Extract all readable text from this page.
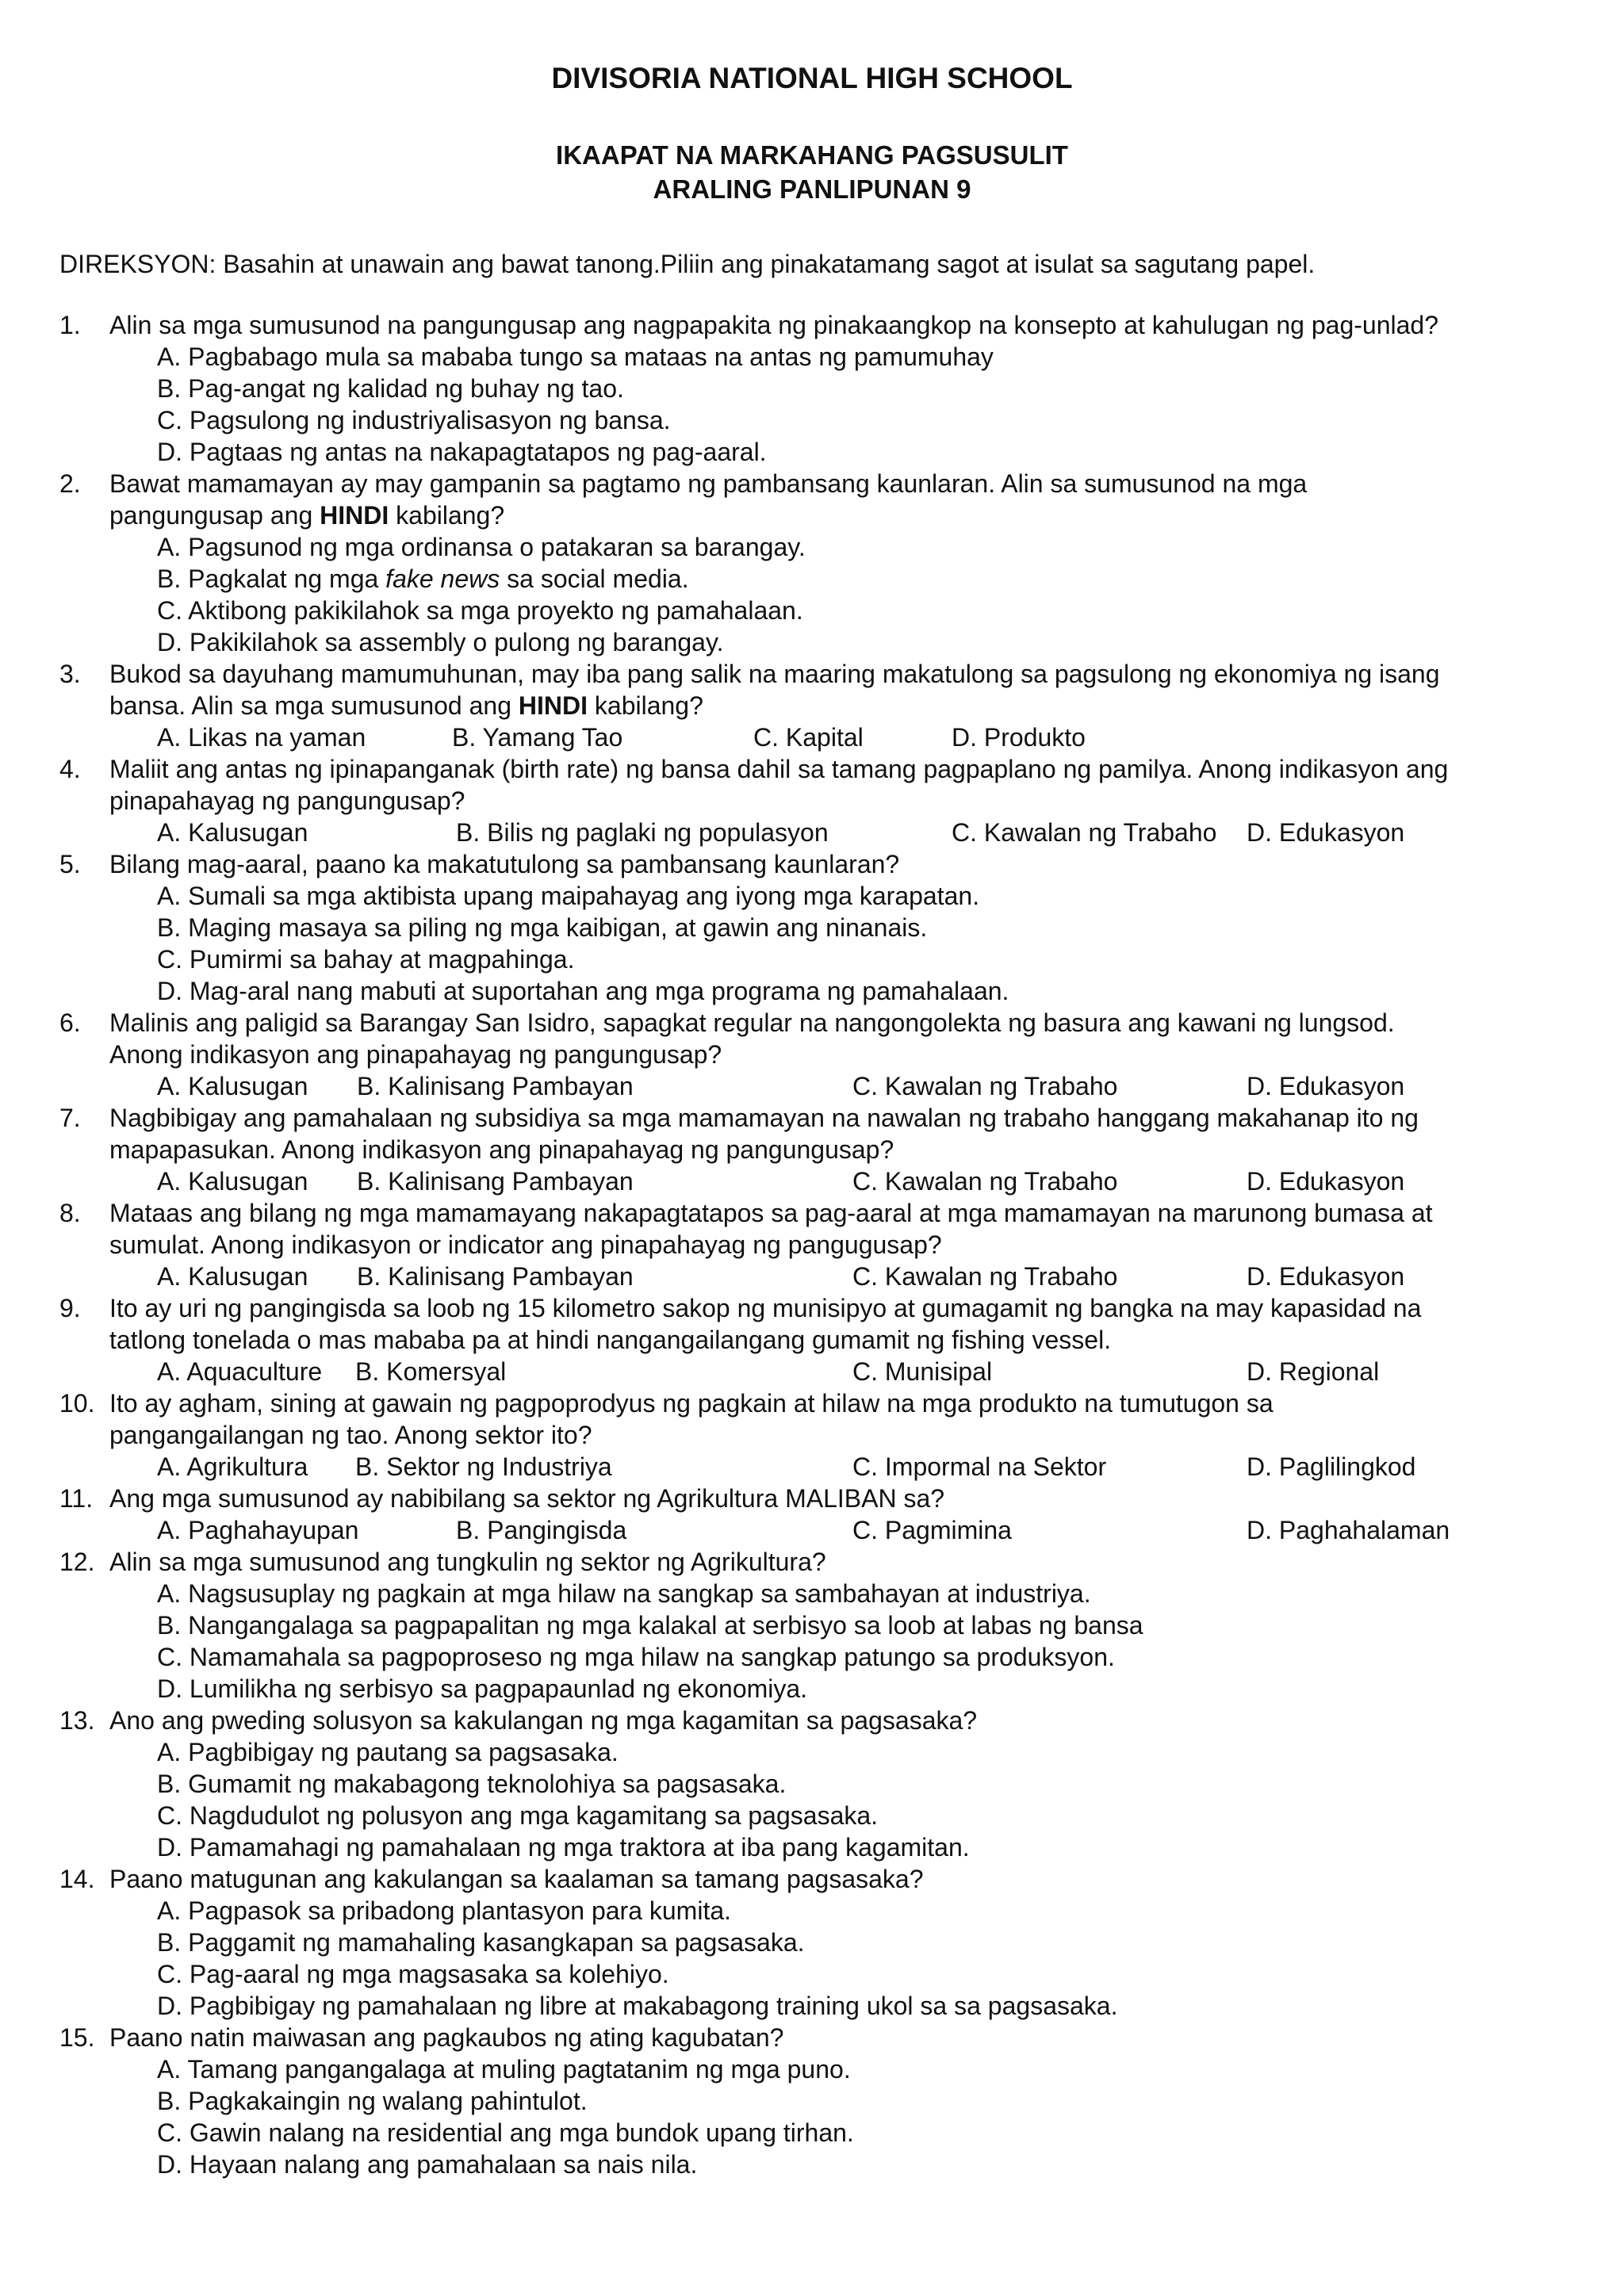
DIVISORIA NATIONAL HIGH SCHOOL
IKAAPAT NA MARKAHANG PAGSUSULIT
ARALING PANLIPUNAN 9
DIREKSYON: Basahin at unawain ang bawat tanong.Piliin ang pinakatamang sagot at isulat sa sagutang papel.
1. Alin sa mga sumusunod na pangungusap ang nagpapakita ng pinakaangkop na konsepto at kahulugan ng pag-unlad?
A. Pagbabago mula sa mababa tungo sa mataas na antas ng pamumuhay
B. Pag-angat ng kalidad ng buhay ng tao.
C. Pagsulong ng industriyalisasyon ng bansa.
D. Pagtaas ng antas na nakapagtatapos ng pag-aaral.
2. Bawat mamamayan ay may gampanin sa pagtamo ng pambansang kaunlaran. Alin sa sumusunod na mga
pangungusap ang HINDI kabilang?
A. Pagsunod ng mga ordinansa o patakaran sa barangay.
B. Pagkalat ng mga fake news sa social media.
C. Aktibong pakikilahok sa mga proyekto ng pamahalaan.
D. Pakikilahok sa assembly o pulong ng barangay.
3. Bukod sa dayuhang mamumuhunan, may iba pang salik na maaring makatulong sa pagsulong ng ekonomiya ng isang
bansa. Alin sa mga sumusunod ang HINDI kabilang?
A. Likas na yaman	B. Yamang Tao	C. Kapital	D. Produkto
4. Maliit ang antas ng ipinapanganak (birth rate) ng bansa dahil sa tamang pagpaplano ng pamilya. Anong indikasyon ang
pinapahayag ng pangungusap?
A. Kalusugan	B. Bilis ng paglaki ng populasyon	C. Kawalan ng Trabaho D. Edukasyon
5. Bilang mag-aaral, paano ka makatutulong sa pambansang kaunlaran?
A. Sumali sa mga aktibista upang maipahayag ang iyong mga karapatan.
B. Maging masaya sa piling ng mga kaibigan, at gawin ang ninanais.
C. Pumirmi sa bahay at magpahinga.
D. Mag-aral nang mabuti at suportahan ang mga programa ng pamahalaan.
6. Malinis ang paligid sa Barangay San Isidro, sapagkat regular na nangongolekta ng basura ang kawani ng lungsod.
Anong indikasyon ang pinapahayag ng pangungusap?
A. Kalusugan B. Kalinisang Pambayan	C. Kawalan ng Trabaho	D. Edukasyon
7. Nagbibigay ang pamahalaan ng subsidiya sa mga mamamayan na nawalan ng trabaho hanggang makahanap ito ng
mapapasukan. Anong indikasyon ang pinapahayag ng pangungusap?
A. Kalusugan B. Kalinisang Pambayan	C. Kawalan ng Trabaho	D. Edukasyon
8. Mataas ang bilang ng mga mamamayang nakapagtatapos sa pag-aaral at mga mamamayan na marunong bumasa at
sumulat. Anong indikasyon or indicator ang pinapahayag ng pangugusap?
A. Kalusugan B. Kalinisang Pambayan	C. Kawalan ng Trabaho	D. Edukasyon
9. Ito ay uri ng pangingisda sa loob ng 15 kilometro sakop ng munisipyo at gumagamit ng bangka na may kapasidad na
tatlong tonelada o mas mababa pa at hindi nangangailangang gumamit ng fishing vessel.
A. Aquaculture B. Komersyal	C. Munisipal	D. Regional
10. Ito ay agham, sining at gawain ng pagpoprodyus ng pagkain at hilaw na mga produkto na tumutugon sa
pangangailangan ng tao. Anong sektor ito?
A. Agrikultura B. Sektor ng Industriya	C. Impormal na Sektor	D. Paglilingkod
11. Ang mga sumusunod ay nabibilang sa sektor ng Agrikultura MALIBAN sa?
A. Paghahayupan	B. Pangingisda	C. Pagmimina	D. Paghahalaman
12. Alin sa mga sumusunod ang tungkulin ng sektor ng Agrikultura?
A. Nagsusuplay ng pagkain at mga hilaw na sangkap sa sambahayan at industriya.
B. Nangangalaga sa pagpapalitan ng mga kalakal at serbisyo sa loob at labas ng bansa
C. Namamahala sa pagpoproseso ng mga hilaw na sangkap patungo sa produksyon.
D. Lumilikha ng serbisyo sa pagpapaunlad ng ekonomiya.
13. Ano ang pweding solusyon sa kakulangan ng mga kagamitan sa pagsasaka?
A. Pagbibigay ng pautang sa pagsasaka.
B. Gumamit ng makabagong teknolohiya sa pagsasaka.
C. Nagdudulot ng polusyon ang mga kagamitang sa pagsasaka.
D. Pamamahagi ng pamahalaan ng mga traktora at iba pang kagamitan.
14. Paano matugunan ang kakulangan sa kaalaman sa tamang pagsasaka?
A. Pagpasok sa pribadong plantasyon para kumita.
B. Paggamit ng mamahaling kasangkapan sa pagsasaka.
C. Pag-aaral ng mga magsasaka sa kolehiyo.
D. Pagbibigay ng pamahalaan ng libre at makabagong training ukol sa sa pagsasaka.
15. Paano natin maiwasan ang pagkaubos ng ating kagubatan?
A. Tamang pangangalaga at muling pagtatanim ng mga puno.
B. Pagkakaingin ng walang pahintulot.
C. Gawin nalang na residential ang mga bundok upang tirhan.
D. Hayaan nalang ang pamahalaan sa nais nila.
